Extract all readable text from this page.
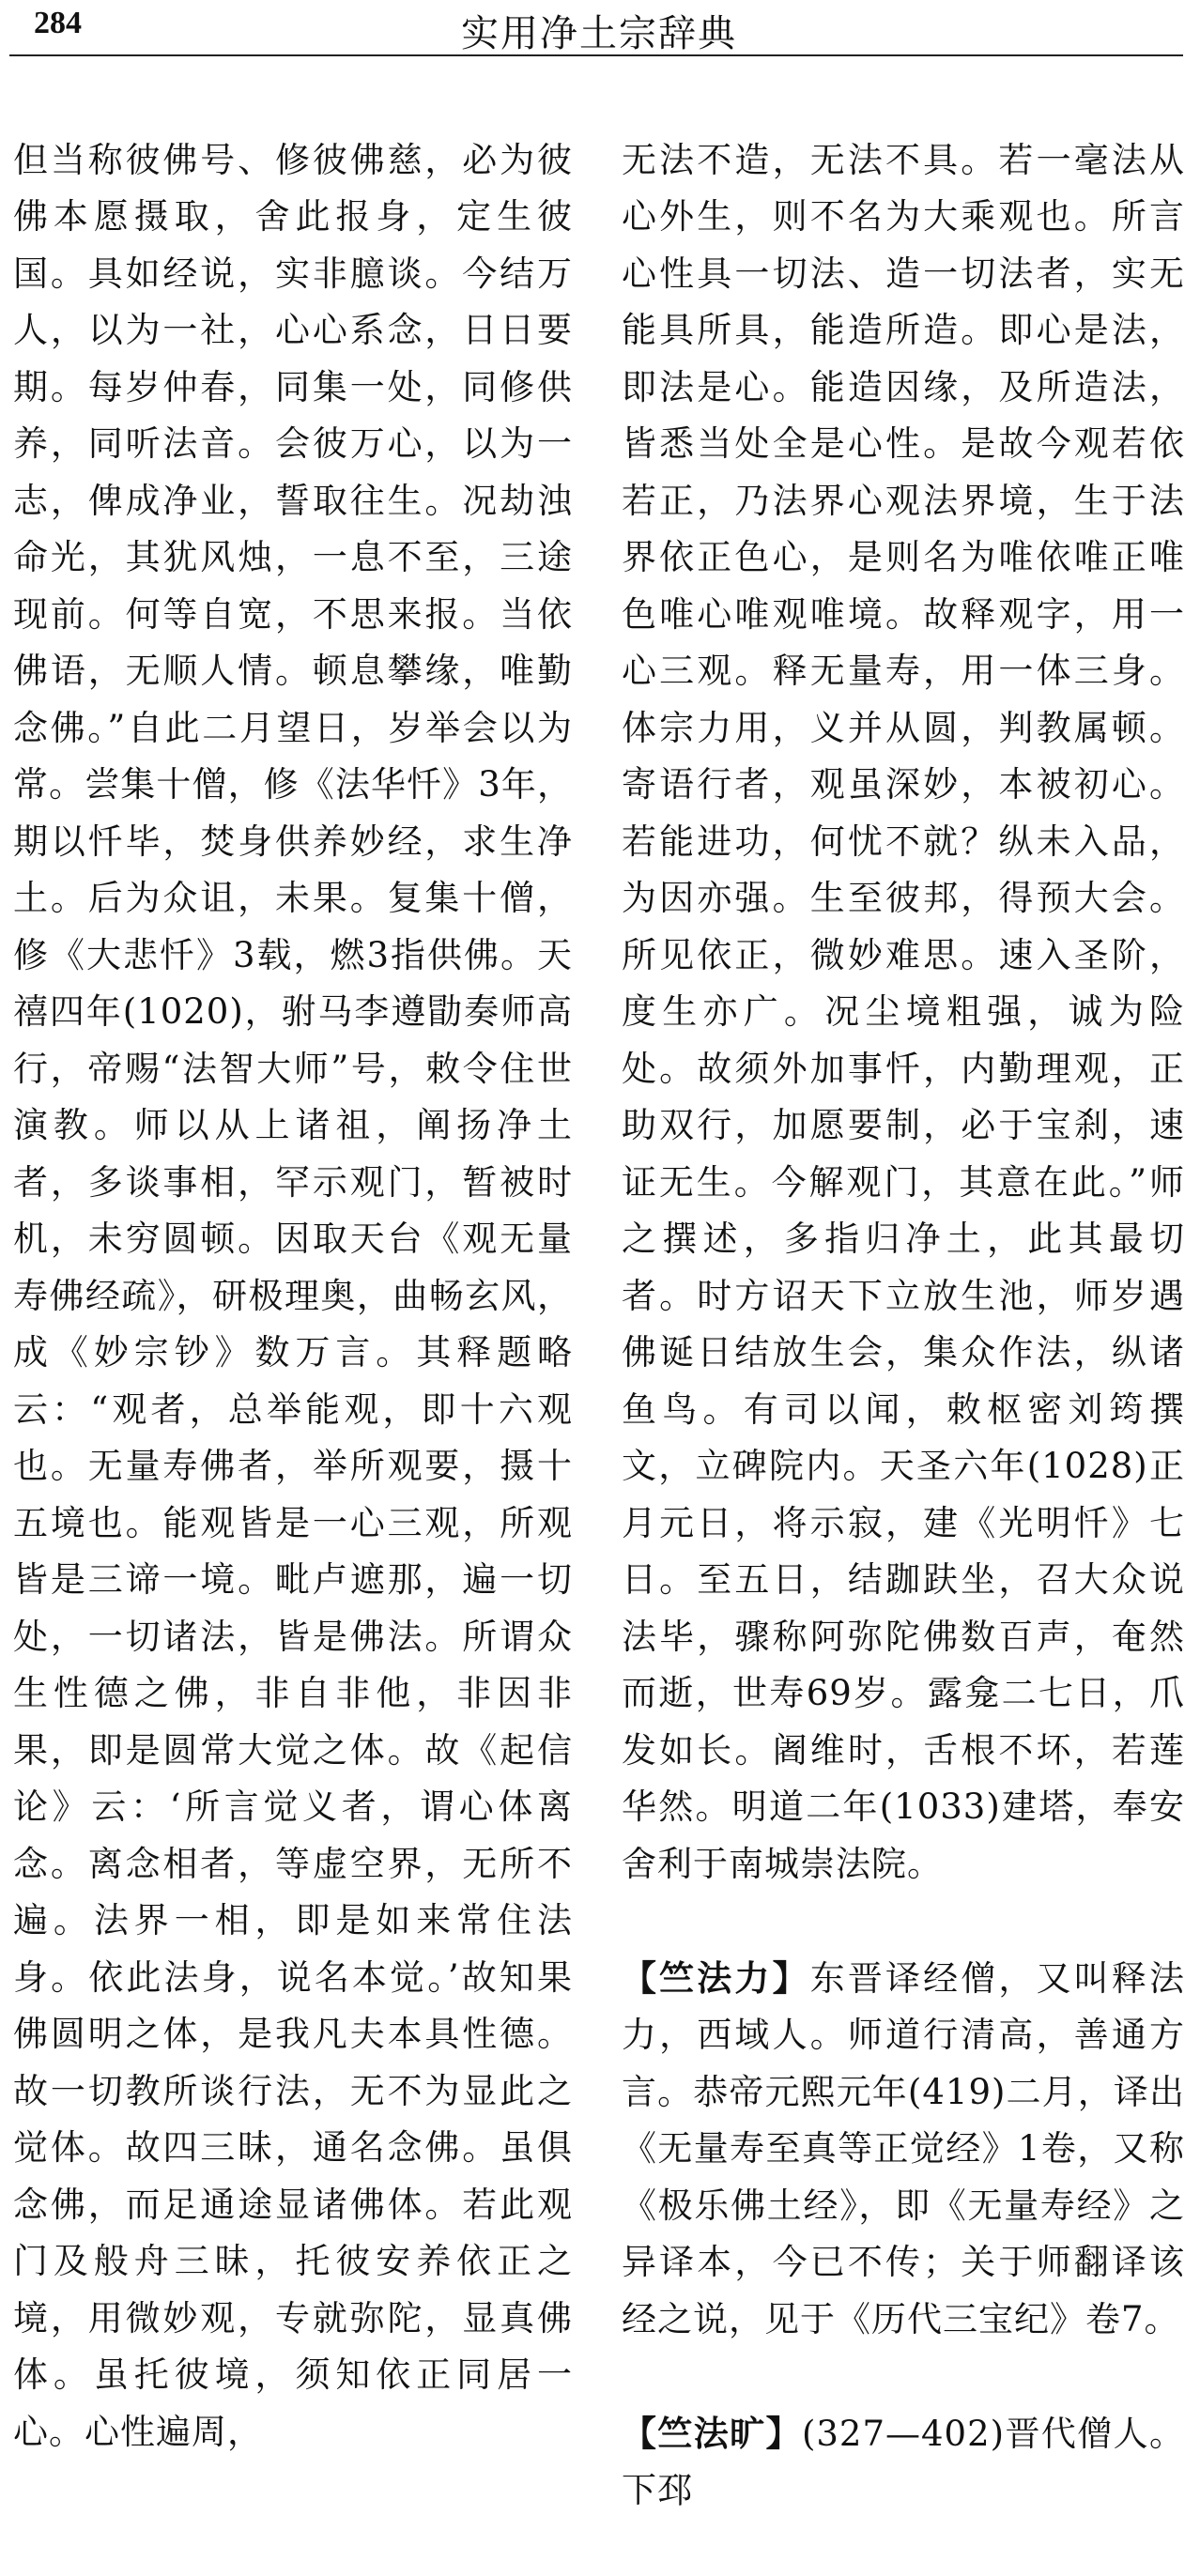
284	实用净土宗辞典

但当称彼佛号、修彼佛慈，必为彼佛本愿摄取，舍此报身，定生彼国。具如经说，实非臆谈。今结万人，以为一社，心心系念，日日要期。每岁仲春，同集一处，同修供养，同听法音。会彼万心，以为一志，俾成净业，誓取往生。况劫浊命光，其犹风烛，一息不至，三途现前。何等自宽，不思来报。当依佛语，无顺人情。顿息攀缘，唯勤念佛。”自此二月望日，岁举会以为常。尝集十僧，修《法华忏》3年，期以忏毕，焚身供养妙经，求生净土。后为众诅，未果。复集十僧，修《大悲忏》3载，燃3指供佛。天禧四年(1020)，驸马李遵勖奏师高行，帝赐“法智大师”号，敕令住世演教。师以从上诸祖，阐扬净土者，多谈事相，罕示观门，暂被时机，未穷圆顿。因取天台《观无量寿佛经疏》，研极理奥，曲畅玄风，成《妙宗钞》数万言。其释题略云：“观者，总举能观，即十六观也。无量寿佛者，举所观要，摄十五境也。能观皆是一心三观，所观皆是三谛一境。毗卢遮那，遍一切处，一切诸法，皆是佛法。所谓众生性德之佛，非自非他，非因非果，即是圆常大觉之体。故《起信论》云：‘所言觉义者，谓心体离念。离念相者，等虚空界，无所不遍。法界一相，即是如来常住法身。依此法身，说名本觉。’故知果佛圆明之体，是我凡夫本具性德。故一切教所谈行法，无不为显此之觉体。故四三昧，通名念佛。虽俱念佛，而足通途显诸佛体。若此观门及般舟三昧，托彼安养依正之境，用微妙观，专就弥陀，显真佛体。虽托彼境，须知依正同居一心。心性遍周，

无法不造，无法不具。若一毫法从心外生，则不名为大乘观也。所言心性具一切法、造一切法者，实无能具所具，能造所造。即心是法，即法是心。能造因缘，及所造法，皆悉当处全是心性。是故今观若依若正，乃法界心观法界境，生于法界依正色心，是则名为唯依唯正唯色唯心唯观唯境。故释观字，用一心三观。释无量寿，用一体三身。体宗力用，义并从圆，判教属顿。寄语行者，观虽深妙，本被初心。若能进功，何忧不就？纵未入品，为因亦强。生至彼邦，得预大会。所见依正，微妙难思。速入圣阶，度生亦广。况尘境粗强，诚为险处。故须外加事忏，内勤理观，正助双行，加愿要制，必于宝刹，速证无生。今解观门，其意在此。”师之撰述，多指归净土，此其最切者。时方诏天下立放生池，师岁遇佛诞日结放生会，集众作法，纵诸鱼鸟。有司以闻，敕枢密刘筠撰文，立碑院内。天圣六年(1028)正月元日，将示寂，建《光明忏》七日。至五日，结跏趺坐，召大众说法毕，骤称阿弥陀佛数百声，奄然而逝，世寿69岁。露龛二七日，爪发如长。阇维时，舌根不坏，若莲华然。明道二年(1033)建塔，奉安舍利于南城崇法院。

【竺法力】东晋译经僧，又叫释法力，西域人。师道行清高，善通方言。恭帝元熙元年(419)二月，译出《无量寿至真等正觉经》1卷，又称《极乐佛土经》，即《无量寿经》之异译本，今已不传；关于师翻译该经之说，见于《历代三宝纪》卷7。

【竺法旷】(327—402)晋代僧人。下邳
